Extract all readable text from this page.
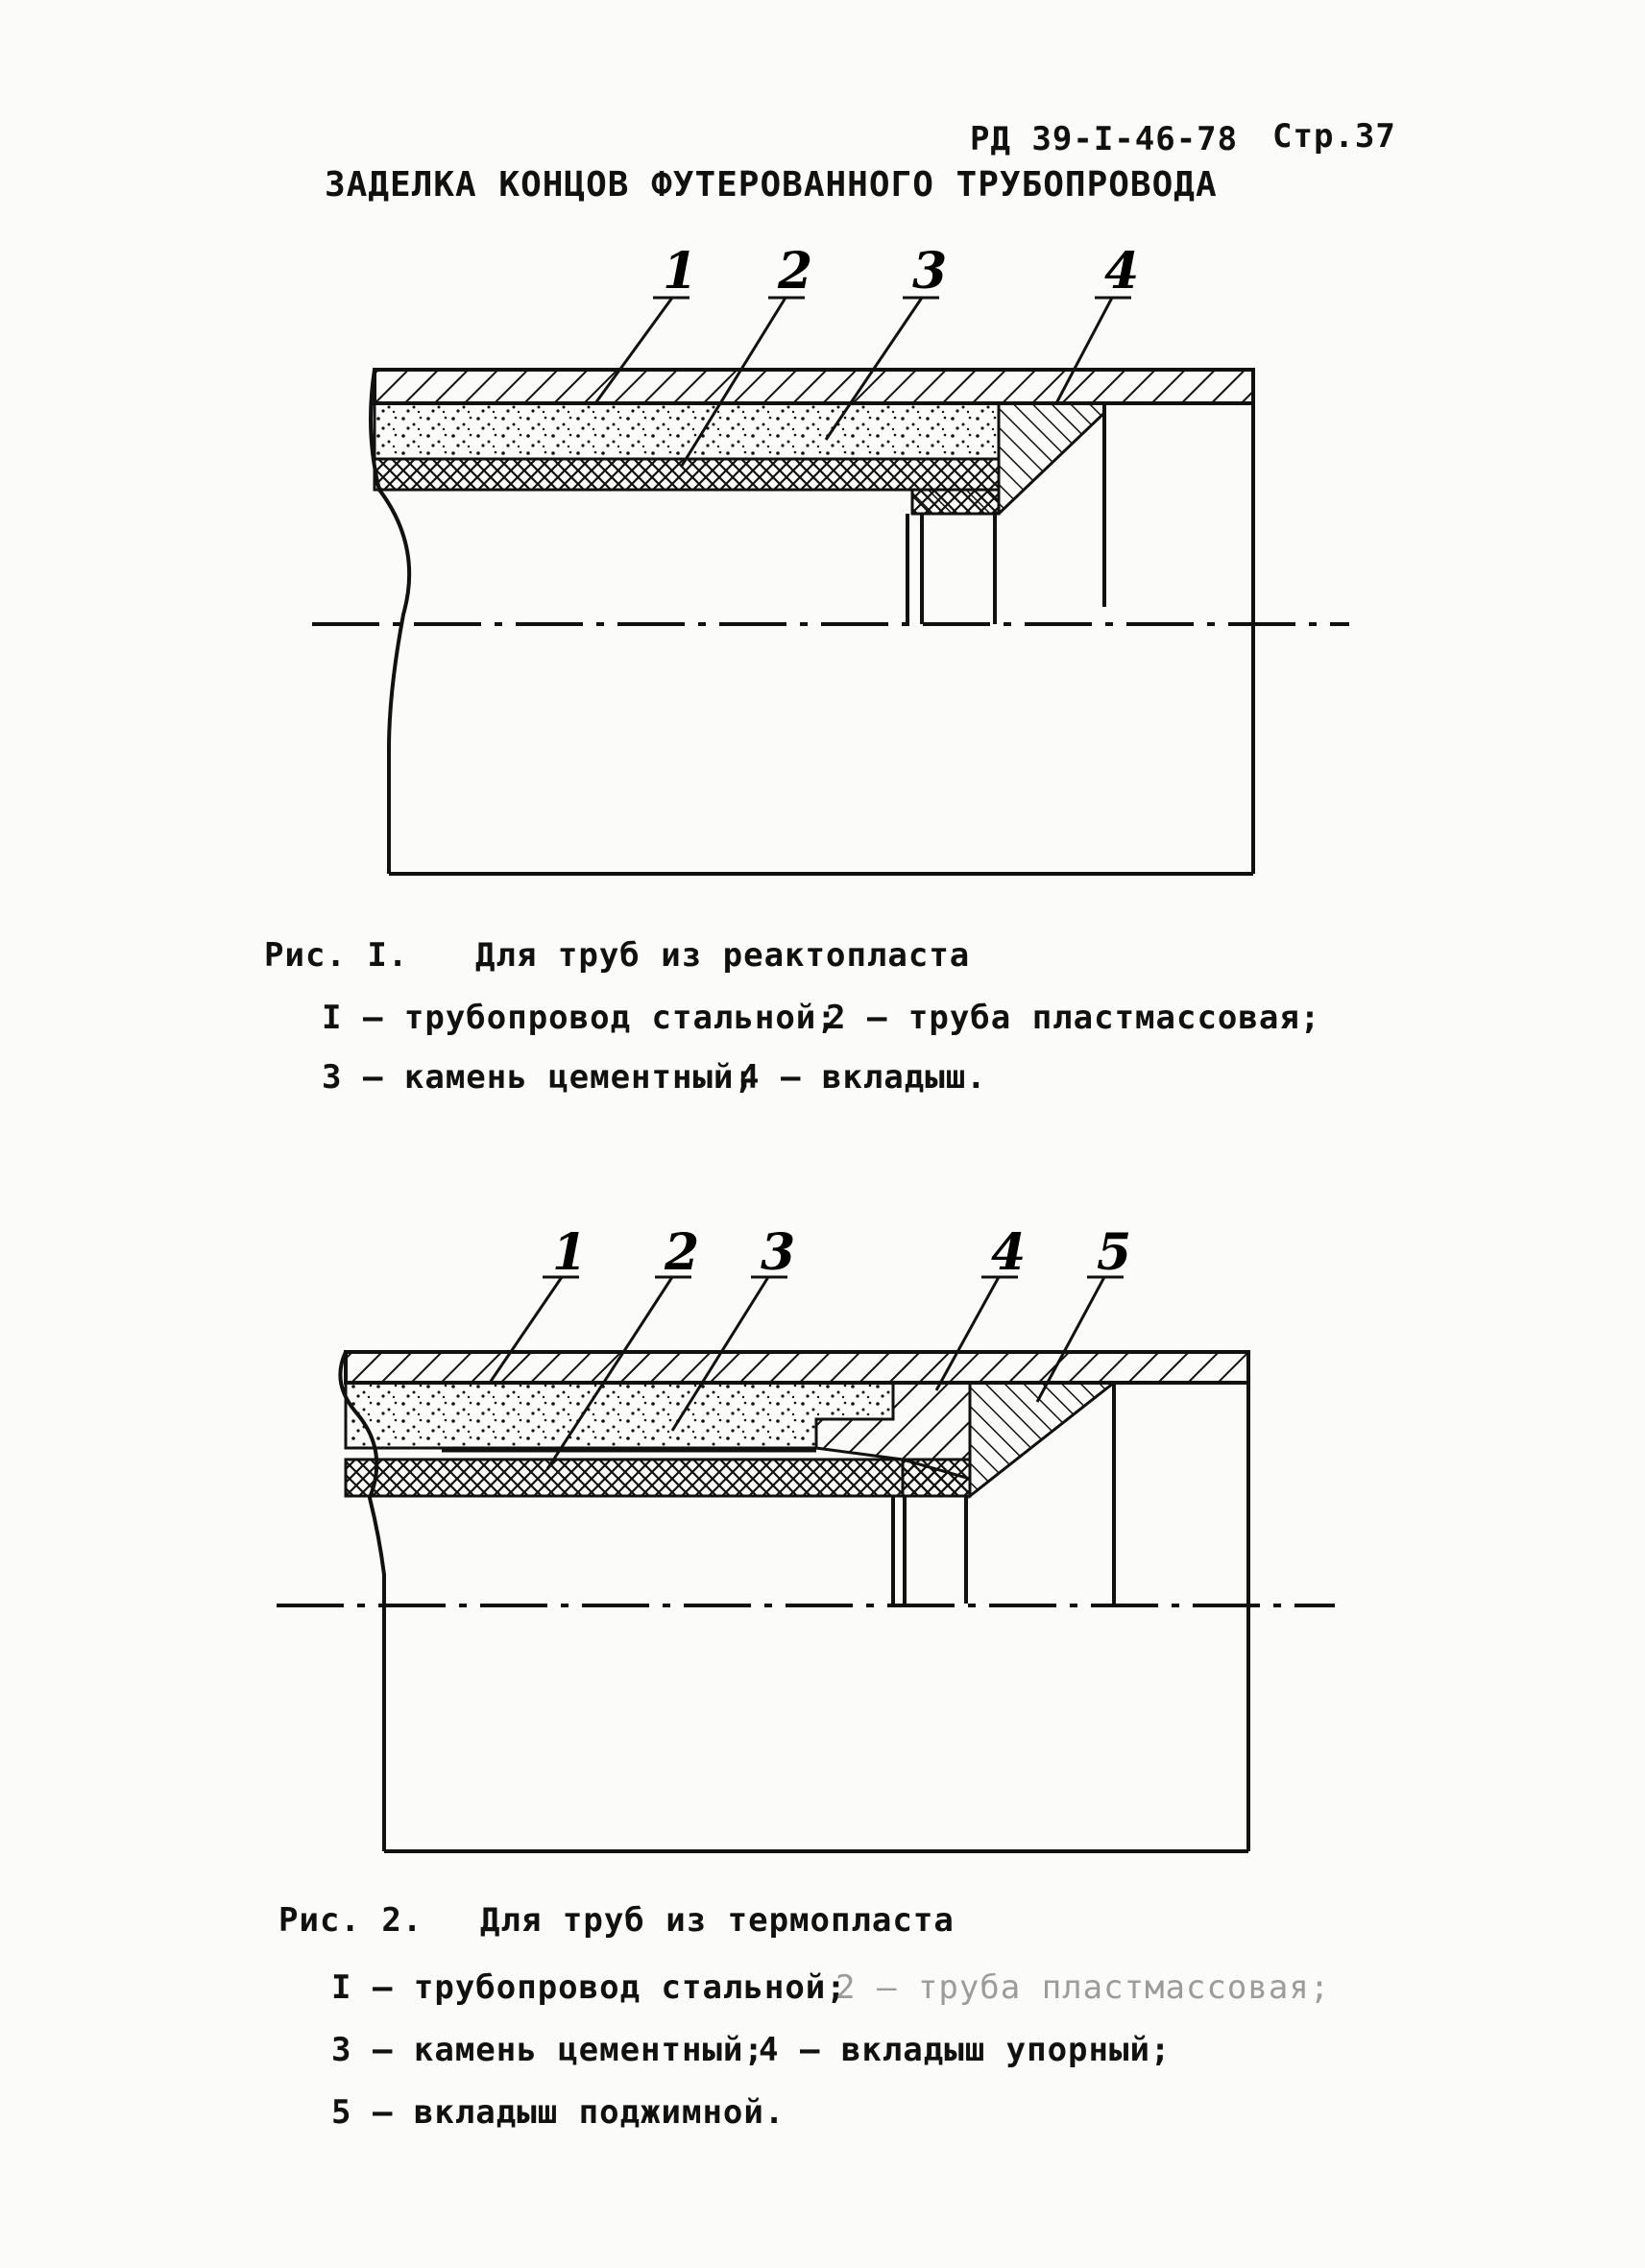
РД 39-I-46-78 Стр.37
ЗАДЕЛКА КОНЦОВ ФУТЕРОВАННОГО ТРУБОПРОВОДА
1 2 3	4
1 2 3	4 5
Рис. I. Для труб из реактопласта
I – трубопровод стальной;
2 – труба пластмассовая;
3 – камень цементный;
4 – вкладыш.
Рис. 2. Для труб из термопласта
I – трубопровод стальной;
2 – труба пластмассовая;
3 – камень цементный;
4 – вкладыш упорный;
5 – вкладыш поджимной.
